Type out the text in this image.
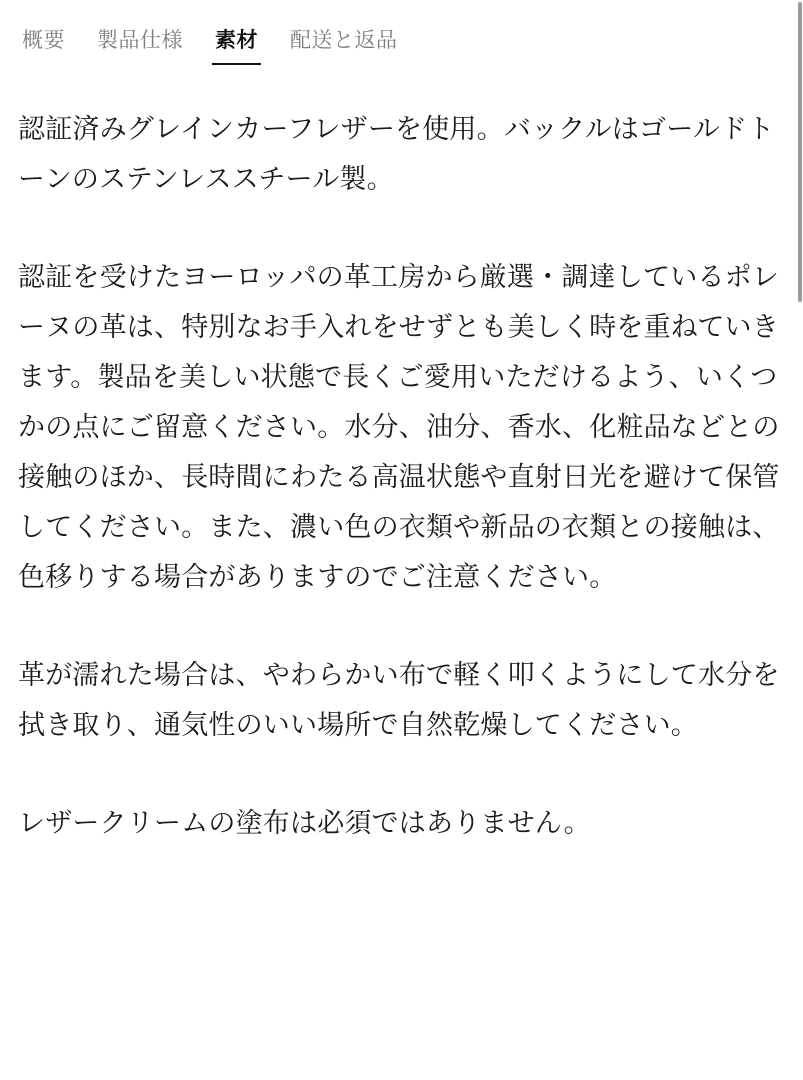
概要	製品仕様	素材	配送と返品

認証済みグレインカーフレザーを使用。バックルはゴールドトーンのステンレススチール製。

認証を受けたヨーロッパの革工房から厳選・調達しているポレーヌの革は、特別なお手入れをせずとも美しく時を重ねていきます。製品を美しい状態で長くご愛用いただけるよう、いくつかの点にご留意ください。水分、油分、香水、化粧品などとの接触のほか、長時間にわたる高温状態や直射日光を避けて保管してください。また、濃い色の衣類や新品の衣類との接触は、色移りする場合がありますのでご注意ください。

革が濡れた場合は、やわらかい布で軽く叩くようにして水分を拭き取り、通気性のいい場所で自然乾燥してください。

レザークリームの塗布は必須ではありません。
